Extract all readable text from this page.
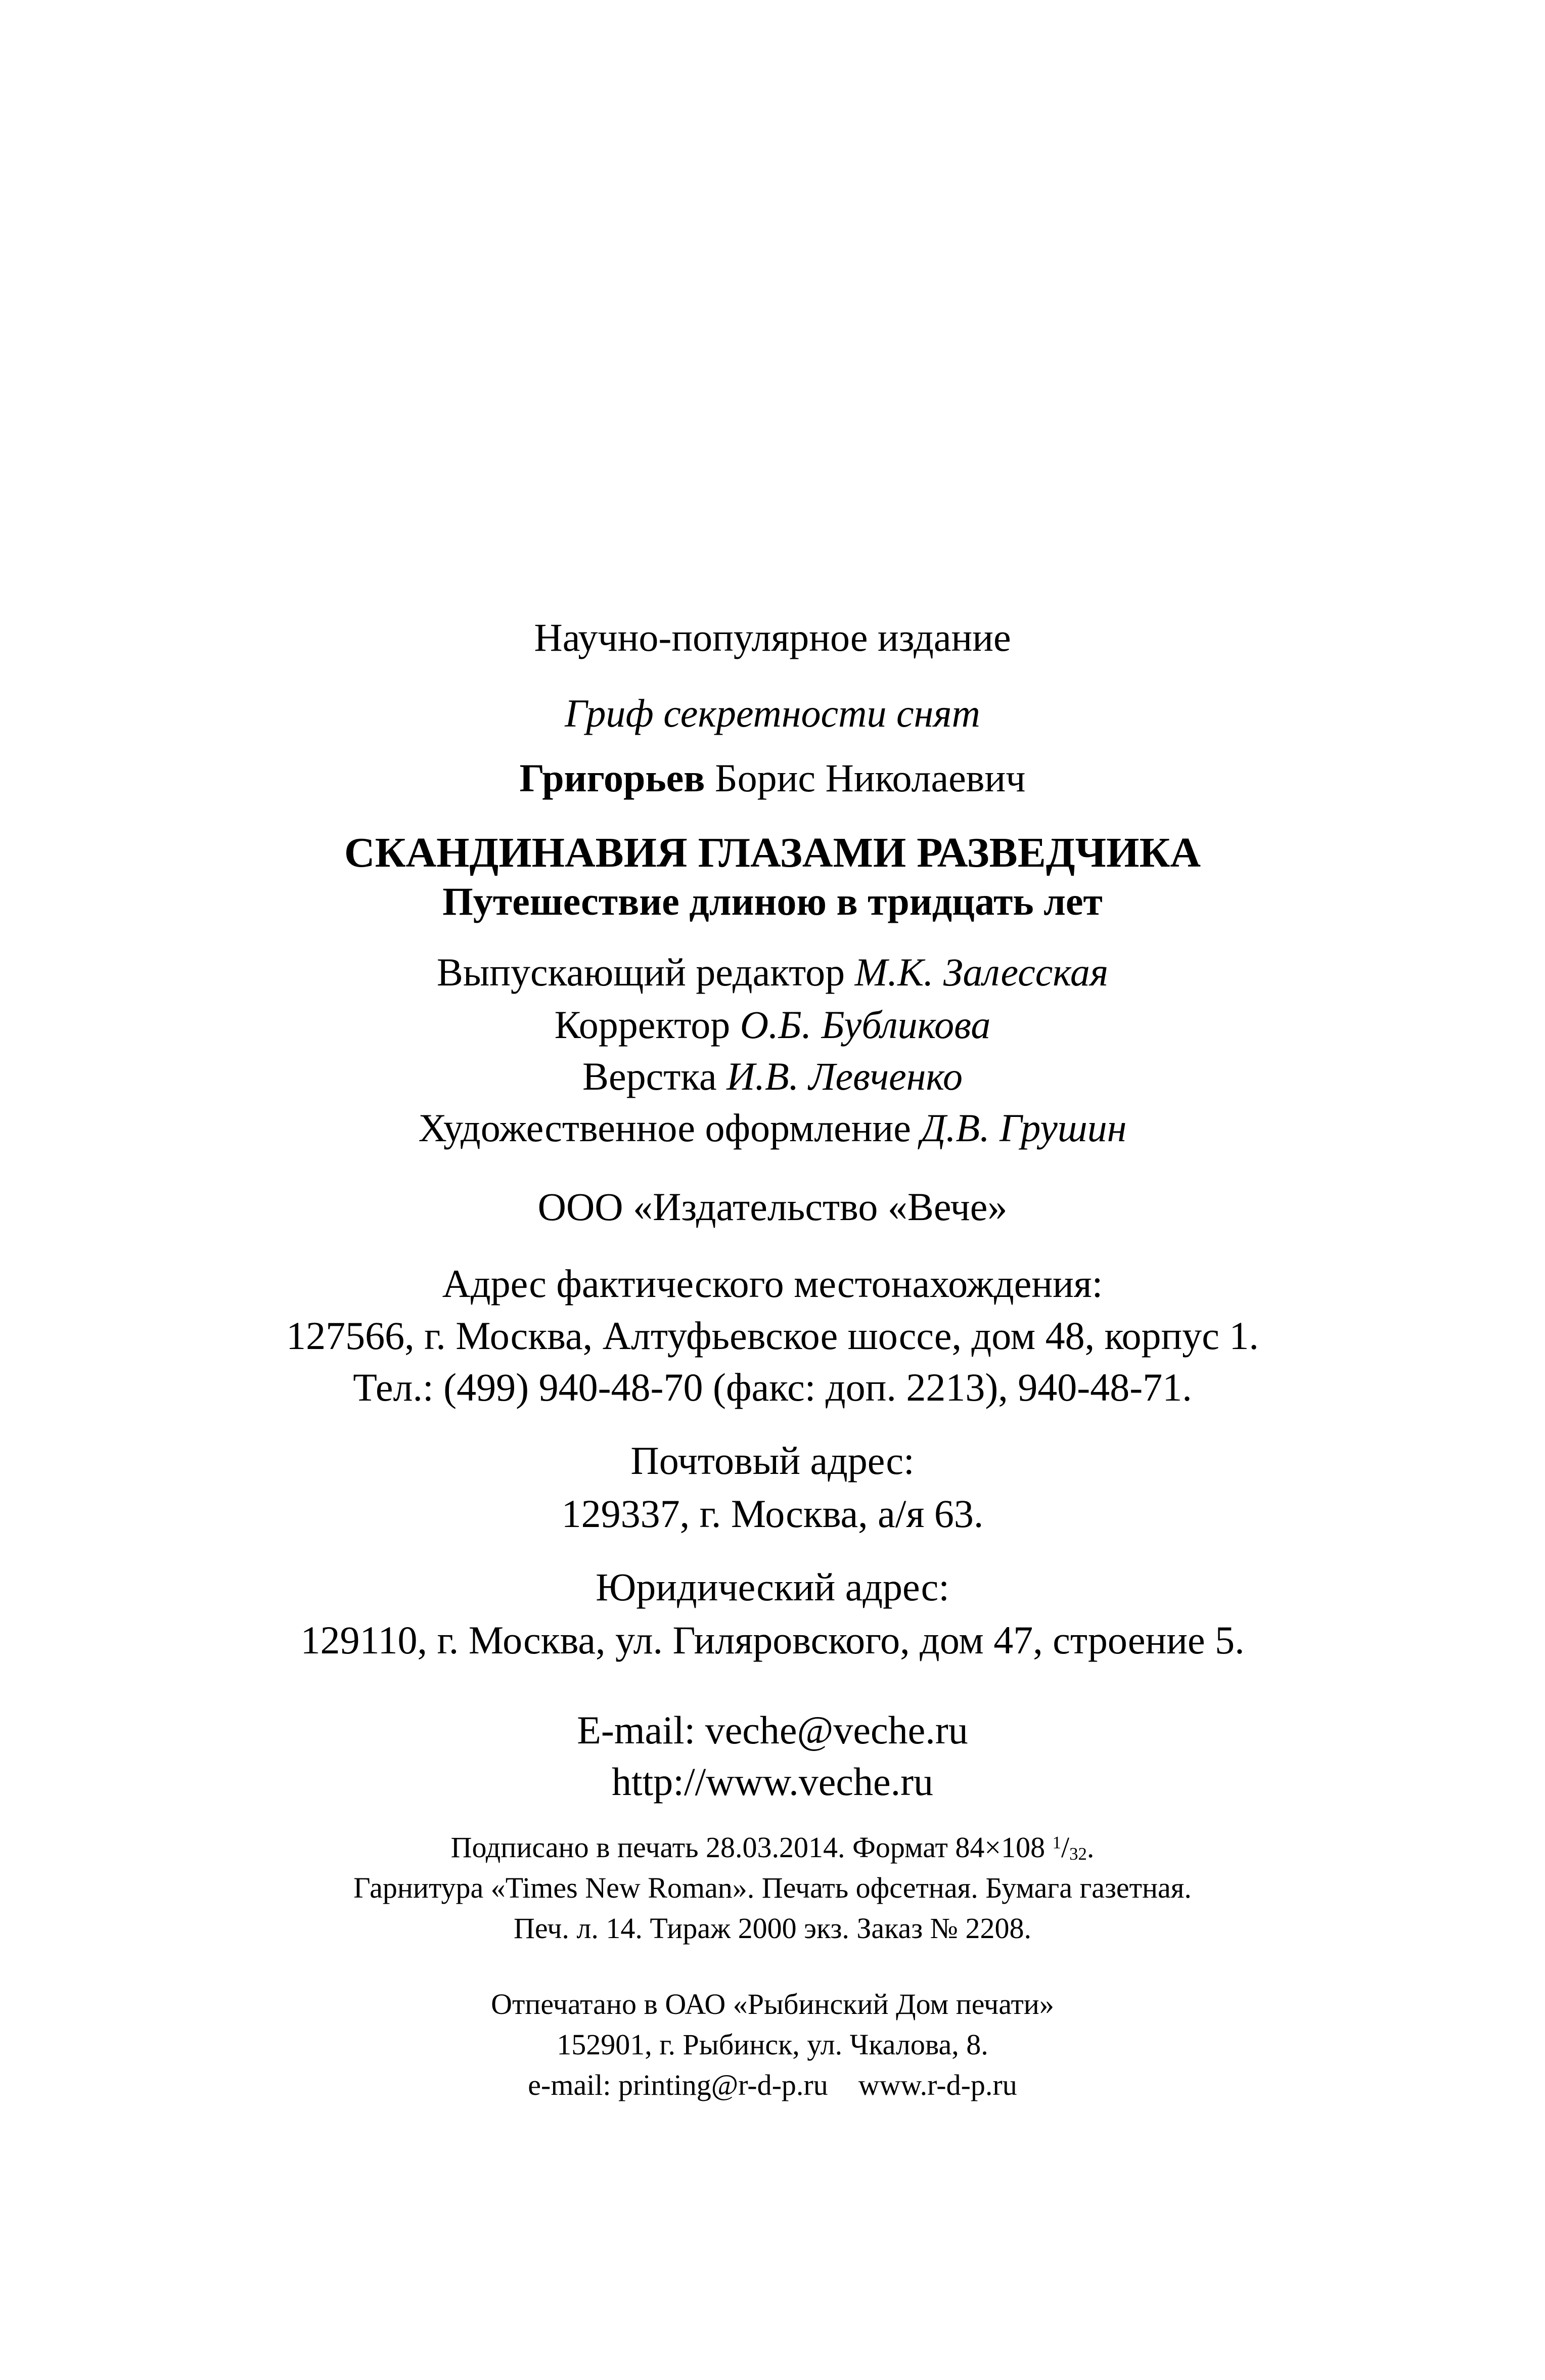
Научно-популярное издание
Гриф секретности снят
Григорьев Борис Николаевич
СКАНДИНАВИЯ ГЛАЗАМИ РАЗВЕДЧИКА
Путешествие длиною в тридцать лет
Выпускающий редактор М.К. Залесская
Корректор О.Б. Бубликова
Верстка И.В. Левченко
Художественное оформление Д.В. Грушин
ООО «Издательство «Вече»
Адрес фактического местонахождения:
127566, г. Москва, Алтуфьевское шоссе, дом 48, корпус 1.
Тел.: (499) 940-48-70 (факс: доп. 2213), 940-48-71.
Почтовый адрес:
129337, г. Москва, а/я 63.
Юридический адрес:
129110, г. Москва, ул. Гиляровского, дом 47, строение 5.
E-mail: veche@veche.ru
http://www.veche.ru
Подписано в печать 28.03.2014. Формат 84×108 $^1$/32.
Гарнитура «Times New Roman». Печать офсетная. Бумага газетная.
Печ. л. 14. Тираж 2000 экз. Заказ № 2208.
Отпечатано в ОАО «Рыбинский Дом печати»
152901, г. Рыбинск, ул. Чкалова, 8.
e-mail: printing@r-d-p.ru www.r-d-p.ru
